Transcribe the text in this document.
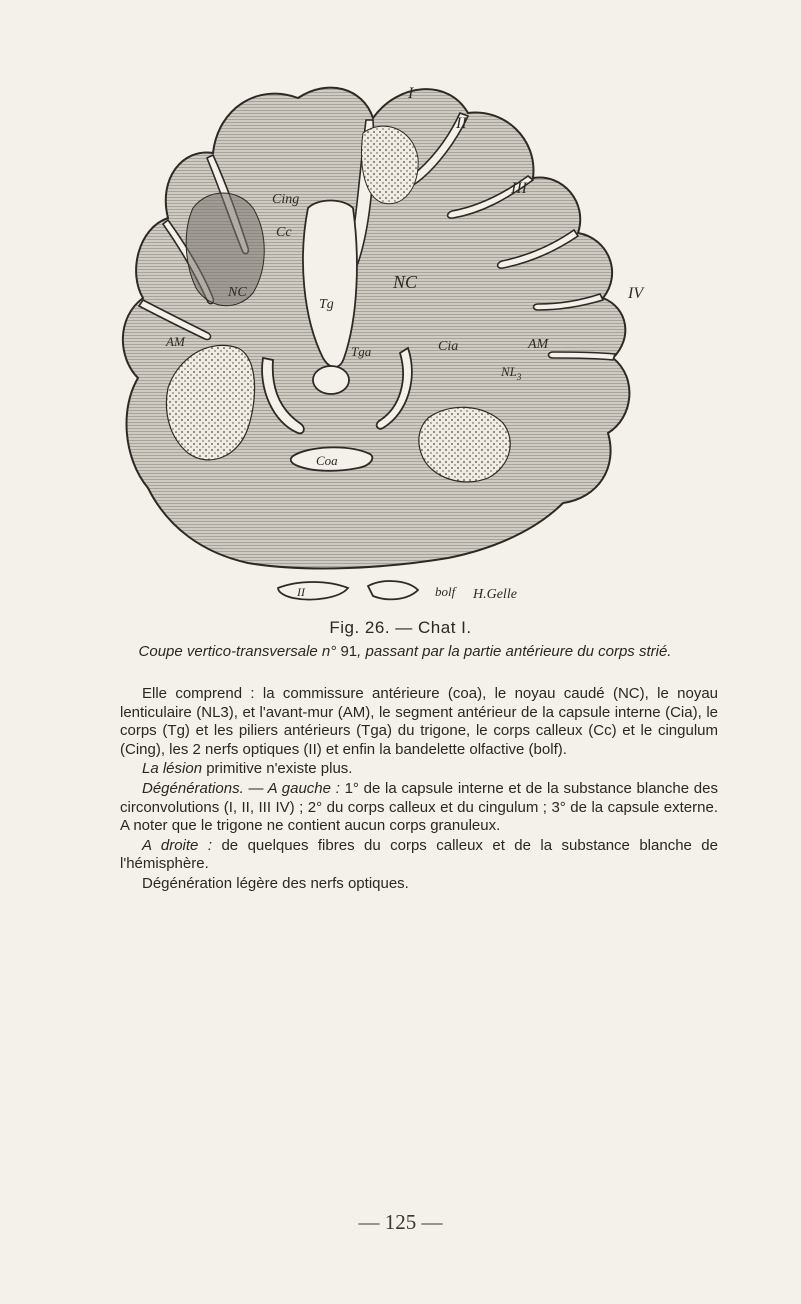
I
II
III
IV
Cing
Cc
NC
NC
Tg
AM	AM
Cia
Tga
Coa
$NL_3$
II	bolf H.Gelle
Fig. 26. — Chat I.
Coupe vertico-transversale n° 91, passant par la partie antérieure du corps strié.

Elle comprend : la commissure antérieure (coa), le noyau caudé (NC), le noyau lenticulaire (NL3), et l'avant-mur (AM), le segment antérieur de la capsule interne (Cia), le corps (Tg) et les piliers antérieurs (Tga) du trigone, le corps calleux (Cc) et le cingulum (Cing), les 2 nerfs optiques (II) et enfin la bandelette olfactive (bolf).

La lésion primitive n'existe plus.

Dégénérations. — A gauche : 1° de la capsule interne et de la substance blanche des circonvolutions (I, II, III IV) ; 2° du corps calleux et du cingulum ; 3° de la capsule externe. A noter que le trigone ne contient aucun corps granuleux.

A droite : de quelques fibres du corps calleux et de la substance blanche de l'hémisphère.

Dégénération légère des nerfs optiques.

— 125 —
